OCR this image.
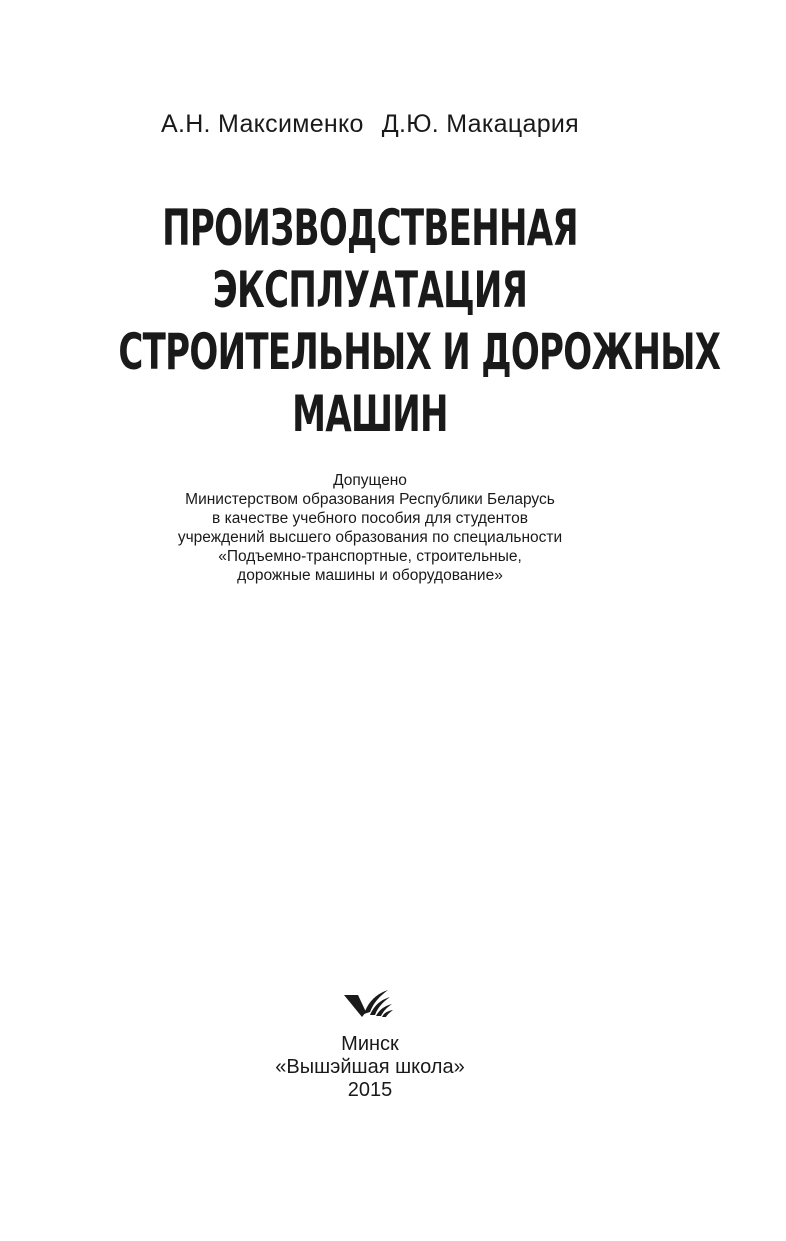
А.Н. Максименко Д.Ю. Макацария
ПРОИЗВОДСТВЕННАЯ
ЭКСПЛУАТАЦИЯ
СТРОИТЕЛЬНЫХ И ДОРОЖНЫХ
МАШИН
Допущено
Министерством образования Республики Беларусь
в качестве учебного пособия для студентов
учреждений высшего образования по специальности
«Подъемно-транспортные, строительные,
дорожные машины и оборудование»
Минск
«Вышэйшая школа»
2015
